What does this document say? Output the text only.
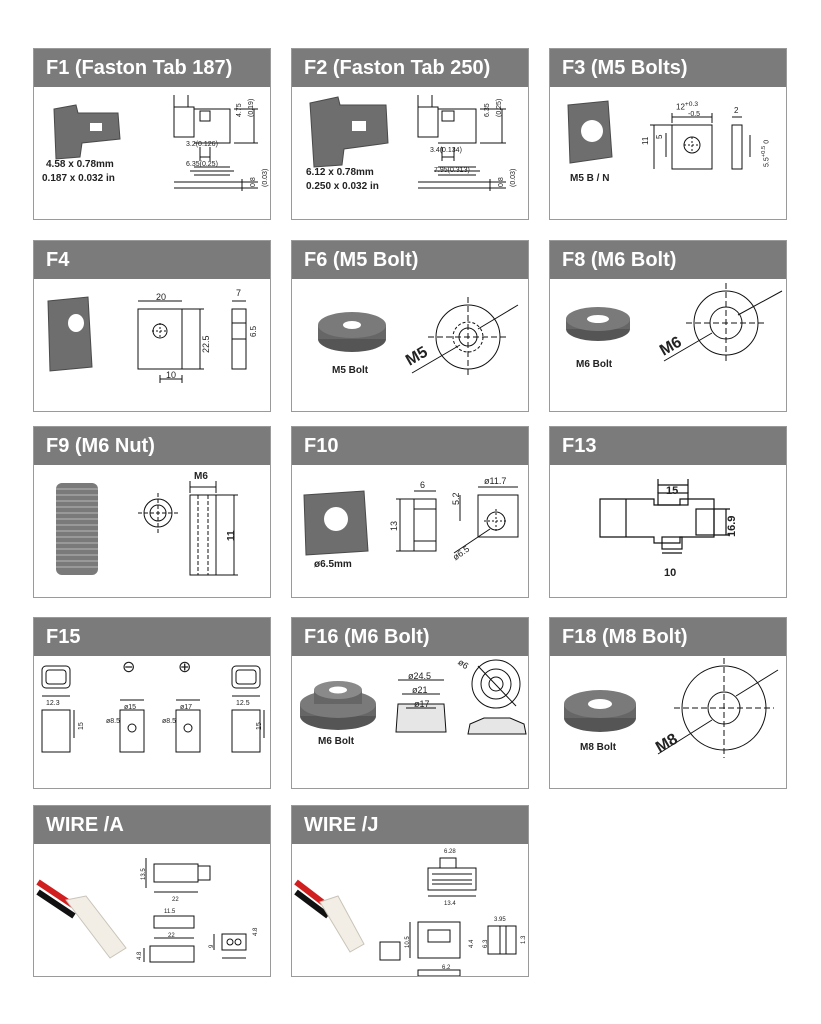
F1 (Faston Tab 187)
4.58 x 0.78mm
0.187 x 0.032 in
4.75 (0.19)
3.2(0.126)
6.35(0.25)
0.8 (0.03)
F2 (Faston Tab 250)
6.12 x 0.78mm
0.250 x 0.032 in
6.35 (0.25)
3.4(0.134)
7.95(0.313)
0.8 (0.03)
F3 (M5 Bolts)
M5 B / N
$12^{+0.3}$
-0.5
11 5
2
$5.5^{+0.5}$ 0
F4
20
22.5
10
7
6.5
F6 (M5 Bolt)
M5 Bolt
M5
F8 (M6 Bolt)
M6 Bolt
M6
F9 (M6 Nut)
M6
11
F10
ø6.5mm
6
13
5.2
ø11.7
ø6.5
F13
15
16.9
10
F15
⊖	⊕
12.3
ø15	ø17
12.5
ø8.5	ø8.5
15	15
F16 (M6 Bolt)
M6 Bolt
ø24.5
ø21
ø17
ø6
F18 (M8 Bolt)
M8 Bolt M8
WIRE /A
13.5
22
11.5
22
4.8
9
4.8
WIRE /J
6.28
13.4
3.95
10.5
6.2
4.4	6.3	1.3
